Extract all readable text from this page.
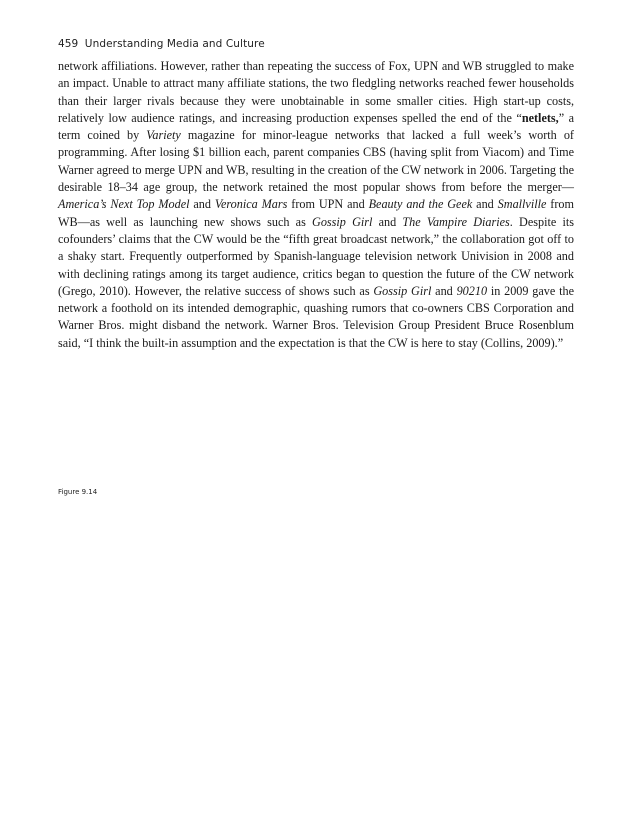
459 Understanding Media and Culture

network affiliations. However, rather than repeating the success of Fox, UPN and WB struggled to make an impact. Unable to attract many affiliate stations, the two fledgling networks reached fewer households than their larger rivals because they were unobtainable in some smaller cities. High start-up costs, relatively low audience ratings, and increasing production expenses spelled the end of the “netlets,” a term coined by Variety magazine for minor-league networks that lacked a full week’s worth of programming. After losing $1 billion each, parent companies CBS (having split from Viacom) and Time Warner agreed to merge UPN and WB, resulting in the creation of the CW network in 2006. Targeting the desirable 18–34 age group, the network retained the most popular shows from before the merger—America’s Next Top Model and Veronica Mars from UPN and Beauty and the Geek and Smallville from WB—as well as launching new shows such as Gossip Girl and The Vampire Diaries. Despite its cofounders’ claims that the CW would be the “fifth great broadcast network,” the collaboration got off to a shaky start. Frequently outperformed by Spanish-language television network Univision in 2008 and with declining ratings among its target audience, critics began to question the future of the CW network (Grego, 2010). However, the relative success of shows such as Gossip Girl and 90210 in 2009 gave the network a foothold on its intended demographic, quashing rumors that co-owners CBS Corporation and Warner Bros. might disband the network. Warner Bros. Television Group President Bruce Rosenblum said, “I think the built-in assumption and the expectation is that the CW is here to stay (Collins, 2009).”

Figure 9.14
